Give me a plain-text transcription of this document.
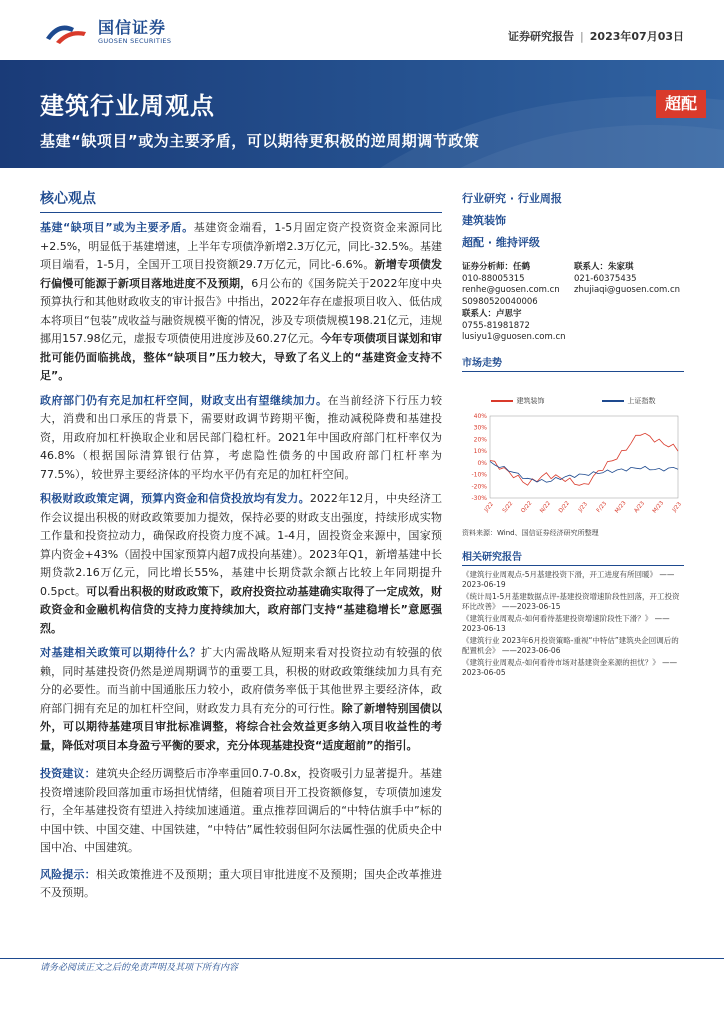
国信证券
GUOSEN SECURITIES	证券研究报告 | 2023年07月03日
建筑行业周观点
基建“缺项目”或为主要矛盾，可以期待更积极的逆周期调节政策
超配
核心观点

基建“缺项目”或为主要矛盾。基建资金端看，1-5月固定资产投资资金来源同比+2.5%，明显低于基建增速，上半年专项债净新增2.3万亿元，同比-32.5%。基建项目端看，1-5月，全国开工项目投资额29.7万亿元，同比-6.6%。新增专项债发行偏慢可能源于新项目落地进度不及预期，6月公布的《国务院关于2022年度中央预算执行和其他财政收支的审计报告》中指出，2022年存在虚报项目收入、低估成本将项目“包装”成收益与融资规模平衡的情况，涉及专项债规模198.21亿元，违规挪用157.98亿元，虚报专项债使用进度涉及60.27亿元。今年专项债项目谋划和审批可能仍面临挑战，整体“缺项目”压力较大，导致了名义上的“基建资金支持不足”。

政府部门仍有充足加杠杆空间，财政支出有望继续加力。在当前经济下行压力较大，消费和出口承压的背景下，需要财政调节跨期平衡，推动减税降费和基建投资，用政府加杠杆换取企业和居民部门稳杠杆。2021年中国政府部门杠杆率仅为46.8%（根据国际清算银行估算，考虑隐性债务的中国政府部门杠杆率为77.5%），较世界主要经济体的平均水平仍有充足的加杠杆空间。

积极财政政策定调，预算内资金和信贷投放均有发力。2022年12月，中央经济工作会议提出积极的财政政策要加力提效，保持必要的财政支出强度，持续形成实物工作量和投资拉动力，确保政府投资力度不减。1-4月，固投资金来源中，国家预算内资金+43%（固投中国家预算内超7成投向基建）。2023年Q1，新增基建中长期贷款2.16万亿元，同比增长55%，基建中长期贷款余额占比较上年同期提升0.5pct。可以看出积极的财政政策下，政府投资拉动基建确实取得了一定成效，财政资金和金融机构信贷的支持力度持续加大，政府部门支持“基建稳增长”意愿强烈。

对基建相关政策可以期待什么？扩大内需战略从短期来看对投资拉动有较强的依赖，同时基建投资仍然是逆周期调节的重要工具，积极的财政政策继续加力具有充分的必要性。而当前中国通胀压力较小，政府债务率低于其他世界主要经济体，政府部门拥有充足的加杠杆空间，财政发力具有充分的可行性。除了新增特别国债以外，可以期待基建项目审批标准调整，将综合社会效益更多纳入项目收益性的考量，降低对项目本身盈亏平衡的要求，充分体现基建投资“适度超前”的指引。

投资建议：建筑央企经历调整后市净率重回0.7-0.8x，投资吸引力显著提升。基建投资增速阶段回落加重市场担忧情绪，但随着项目开工投资额修复，专项债加速发行，全年基建投资有望进入持续加速通道。重点推荐回调后的“中特估旗手中”标的中国中铁、中国交建、中国铁建，“中特估”属性较弱但阿尔法属性强的优质央企中国中冶、中国建筑。

风险提示：相关政策推进不及预期；重大项目审批进度不及预期；国央企改革推进不及预期。

行业研究 · 行业周报
建筑装饰
超配 · 维持评级
证券分析师：任鹤
010-88005315
renhe@guosen.com.cn
S0980520040006
联系人：朱家琪
021-60375435
zhujiaqi@guosen.com.cn
联系人：卢思宇
0755-81981872
lusiyu1@guosen.com.cn
市场走势
建筑装饰	上证指数
40%
30%
20%
10%
0%
-10%
-20%
-30%
J/22 S/22 O/22 N/22 D/22 J/23 F/23 M/23 A/23 M/23 J/23
资料来源：Wind、国信证券经济研究所整理
相关研究报告
《建筑行业周观点-5月基建投资下滑，开工进度有所回暖》 ——2023-06-19
《统计局1-5月基建数据点评-基建投资增速阶段性回落，开工投资环比改善》 ——2023-06-15
《建筑行业周观点-如何看待基建投资增速阶段性下滑？》 ——2023-06-13
《建筑行业 2023年6月投资策略-重视“中特估”建筑央企回调后的配置机会》 ——2023-06-06
《建筑行业周观点-如何看待市场对基建资金来源的担忧？》 ——2023-06-05
请务必阅读正文之后的免责声明及其项下所有内容
